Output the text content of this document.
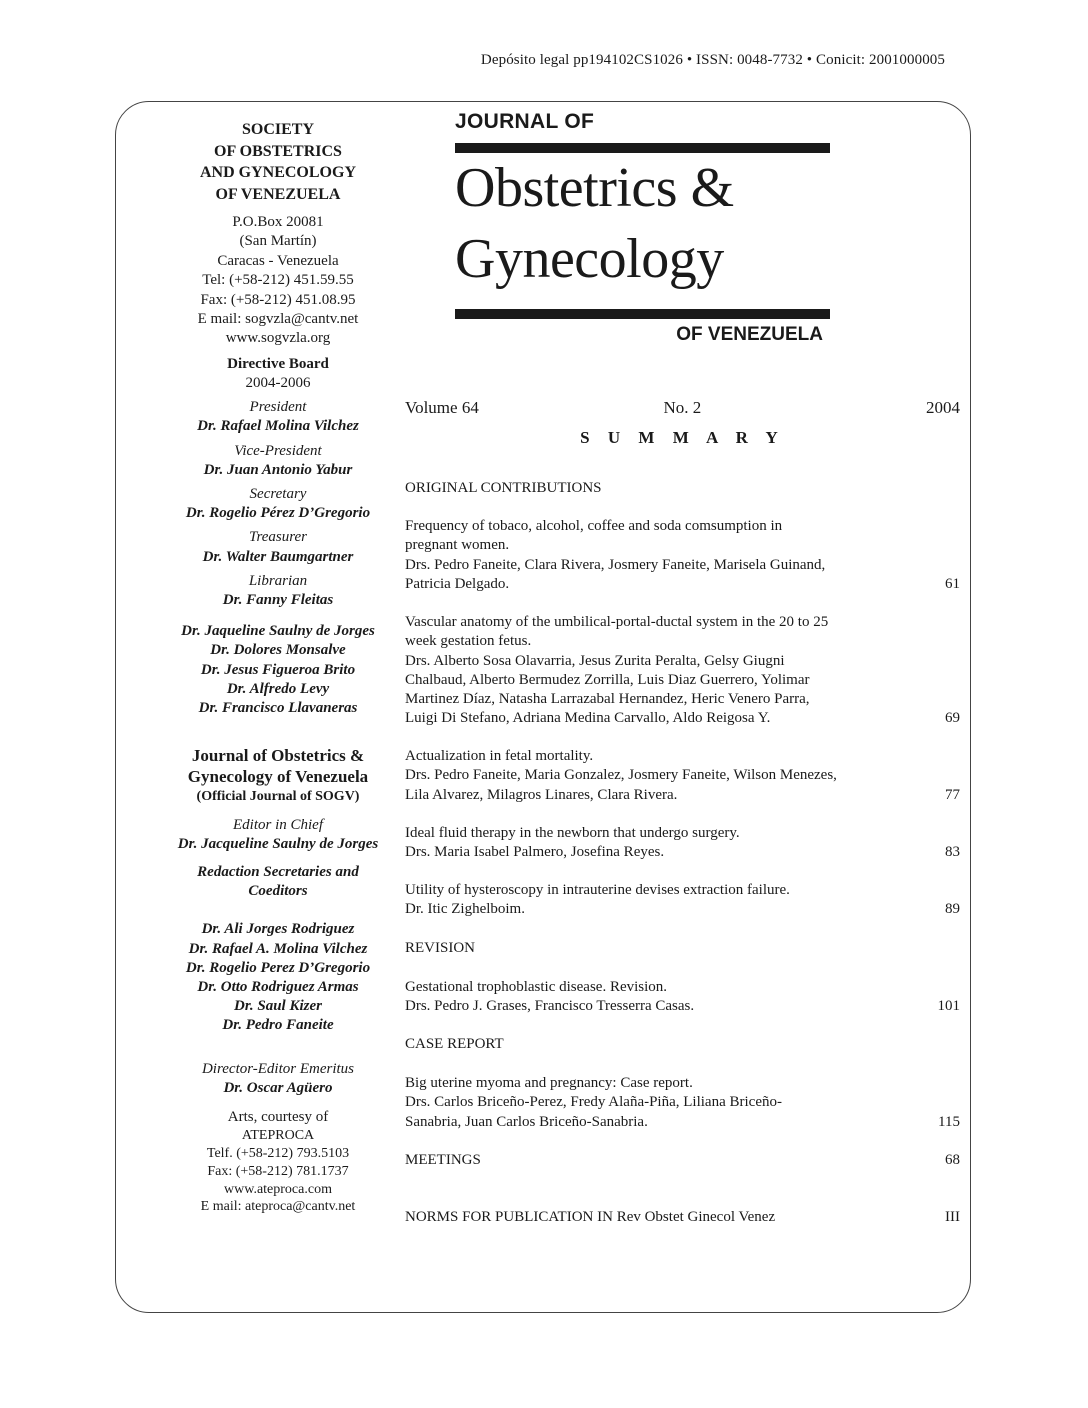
Depósito legal pp194102CS1026 • ISSN: 0048-7732 • Conicit: 2001000005
SOCIETY
OF OBSTETRICS
AND GYNECOLOGY
OF VENEZUELA
P.O.Box 20081
(San Martín)
Caracas - Venezuela
Tel: (+58-212) 451.59.55
Fax: (+58-212) 451.08.95
E mail: sogvzla@cantv.net
www.sogvzla.org
Directive Board
2004-2006
President
Dr. Rafael Molina Vilchez
Vice-President
Dr. Juan Antonio Yabur
Secretary
Dr. Rogelio Pérez D’Gregorio
Treasurer
Dr. Walter Baumgartner
Librarian
Dr. Fanny Fleitas
Dr. Jaqueline Saulny de Jorges
Dr. Dolores Monsalve
Dr. Jesus Figueroa Brito
Dr. Alfredo Levy
Dr. Francisco Llavaneras
Journal of Obstetrics &
Gynecology of Venezuela
(Official Journal of SOGV)
Editor in Chief
Dr. Jacqueline Saulny de Jorges
Redaction Secretaries and
Coeditors
Dr. Ali Jorges Rodriguez
Dr. Rafael A. Molina Vilchez
Dr. Rogelio Perez D’Gregorio
Dr. Otto Rodriguez Armas
Dr. Saul Kizer
Dr. Pedro Faneite
Director-Editor Emeritus
Dr. Oscar Agüero
Arts, courtesy of
ATEPROCA
Telf. (+58-212) 793.5103
Fax: (+58-212) 781.1737
www.ateproca.com
E mail: ateproca@cantv.net
JOURNAL OF
Obstetrics &
Gynecology
OF VENEZUELA
Volume 64	No. 2	2004
S U M M A R Y
ORIGINAL CONTRIBUTIONS
Frequency of tobaco, alcohol, coffee and soda comsumption in
pregnant women.
Drs. Pedro Faneite, Clara Rivera, Josmery Faneite, Marisela Guinand,
Patricia Delgado.	61
Vascular anatomy of the umbilical-portal-ductal system in the 20 to 25
week gestation fetus.
Drs. Alberto Sosa Olavarria, Jesus Zurita Peralta, Gelsy Giugni
Chalbaud, Alberto Bermudez Zorrilla, Luis Diaz Guerrero, Yolimar
Martinez Díaz, Natasha Larrazabal Hernandez, Heric Venero Parra,
Luigi Di Stefano, Adriana Medina Carvallo, Aldo Reigosa Y.	69
Actualization in fetal mortality.
Drs. Pedro Faneite, Maria Gonzalez, Josmery Faneite, Wilson Menezes,
Lila Alvarez, Milagros Linares, Clara Rivera.	77
Ideal fluid therapy in the newborn that undergo surgery.
Drs. Maria Isabel Palmero, Josefina Reyes.	83
Utility of hysteroscopy in intrauterine devises extraction failure.
Dr. Itic Zighelboim.	89
REVISION
Gestational trophoblastic disease. Revision.
Drs. Pedro J. Grases, Francisco Tresserra Casas.	101
CASE REPORT
Big uterine myoma and pregnancy: Case report.
Drs. Carlos Briceño-Perez, Fredy Alaña-Piña, Liliana Briceño-
Sanabria, Juan Carlos Briceño-Sanabria.	115
MEETINGS	68
NORMS FOR PUBLICATION IN Rev Obstet Ginecol Venez	III
